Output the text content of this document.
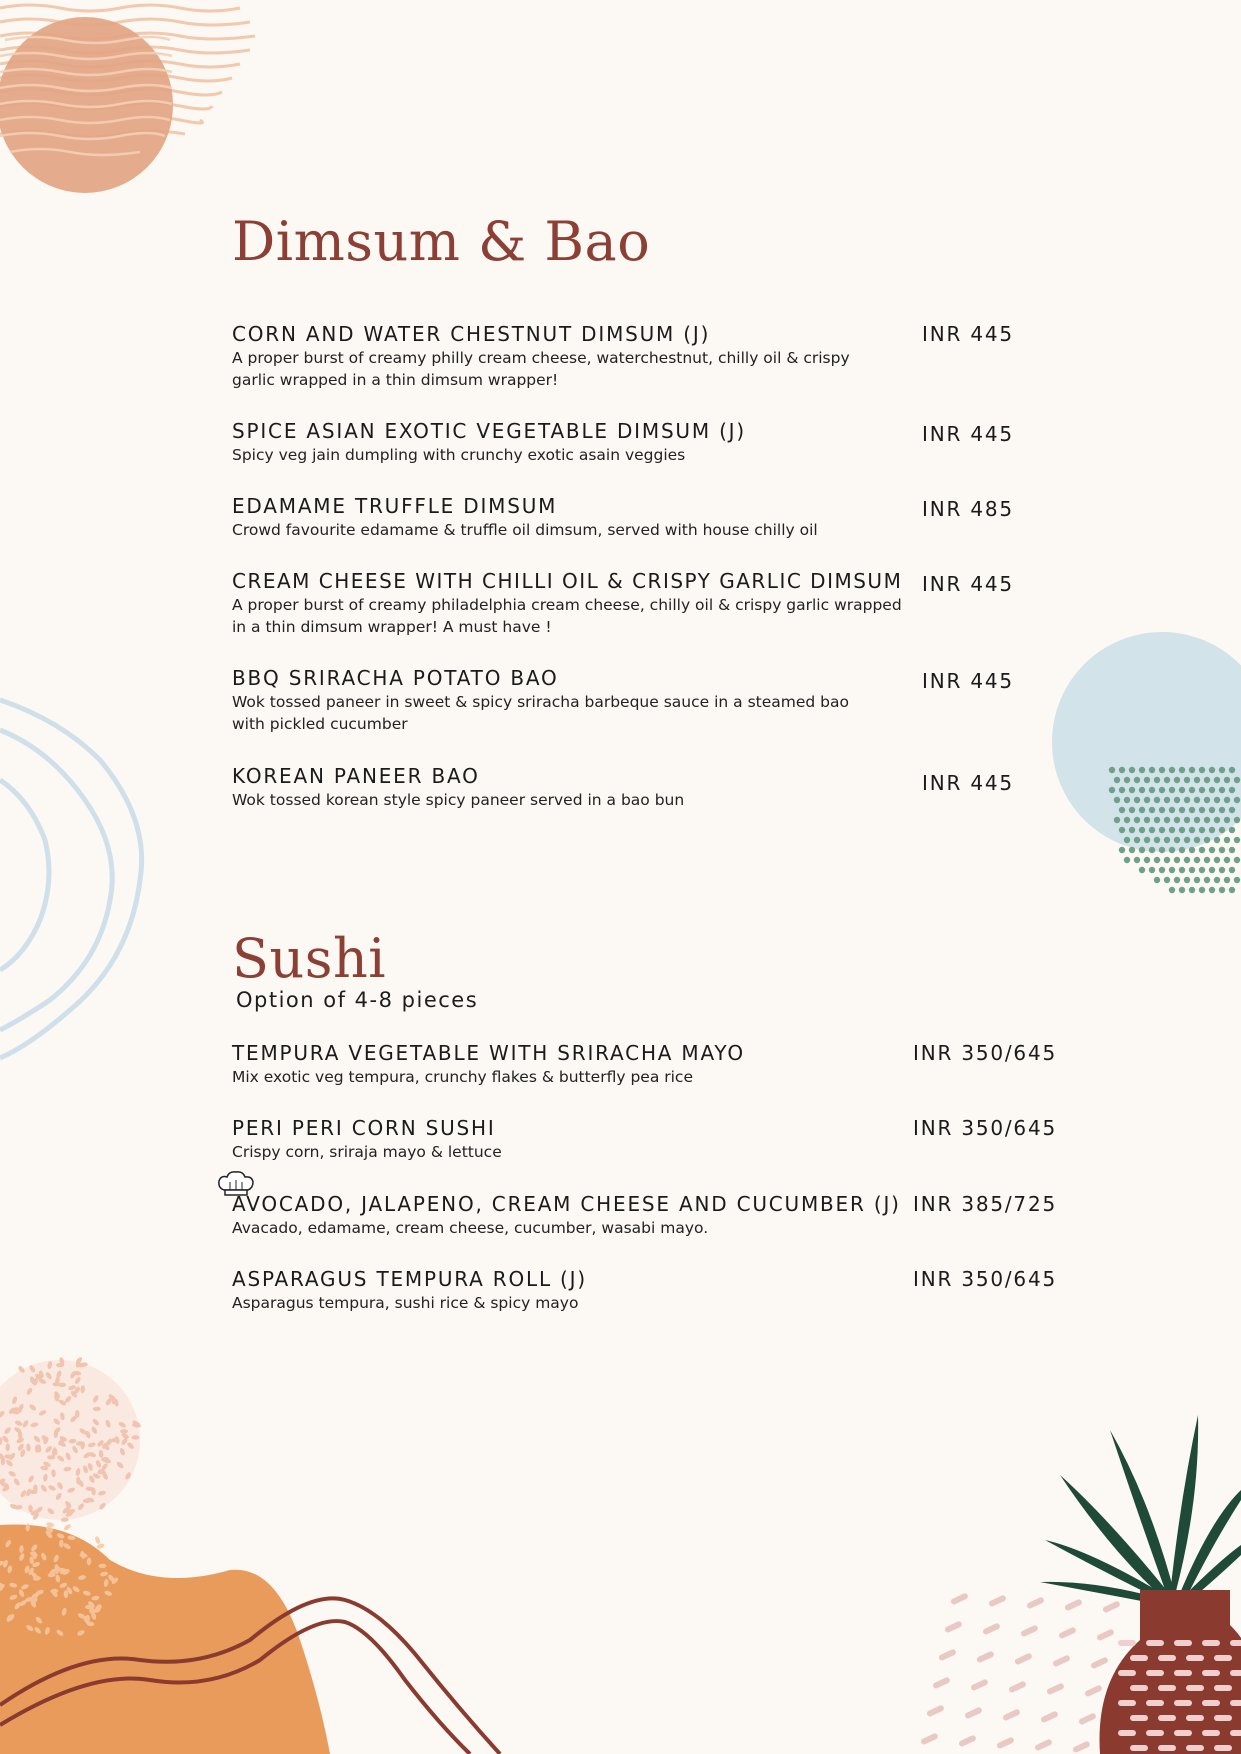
Dimsum & Bao
CORN AND WATER CHESTNUT DIMSUM (J)
A proper burst of creamy philly cream cheese, waterchestnut, chilly oil & crispy
garlic wrapped in a thin dimsum wrapper!
INR 445
SPICE ASIAN EXOTIC VEGETABLE DIMSUM (J)
Spicy veg jain dumpling with crunchy exotic asain veggies
INR 445
EDAMAME TRUFFLE DIMSUM
Crowd favourite edamame & truffle oil dimsum, served with house chilly oil
INR 485
CREAM CHEESE WITH CHILLI OIL & CRISPY GARLIC DIMSUM
A proper burst of creamy philadelphia cream cheese, chilly oil & crispy garlic wrapped
in a thin dimsum wrapper! A must have !
INR 445
BBQ SRIRACHA POTATO BAO
Wok tossed paneer in sweet & spicy sriracha barbeque sauce in a steamed bao
with pickled cucumber
INR 445
KOREAN PANEER BAO
Wok tossed korean style spicy paneer served in a bao bun
INR 445
Sushi
Option of 4-8 pieces
TEMPURA VEGETABLE WITH SRIRACHA MAYO
Mix exotic veg tempura, crunchy flakes & butterfly pea rice
INR 350/645
PERI PERI CORN SUSHI
Crispy corn, sriraja mayo & lettuce
INR 350/645
AVOCADO, JALAPENO, CREAM CHEESE AND CUCUMBER (J)
Avacado, edamame, cream cheese, cucumber, wasabi mayo.
INR 385/725
ASPARAGUS TEMPURA ROLL (J)
Asparagus tempura, sushi rice & spicy mayo
INR 350/645
